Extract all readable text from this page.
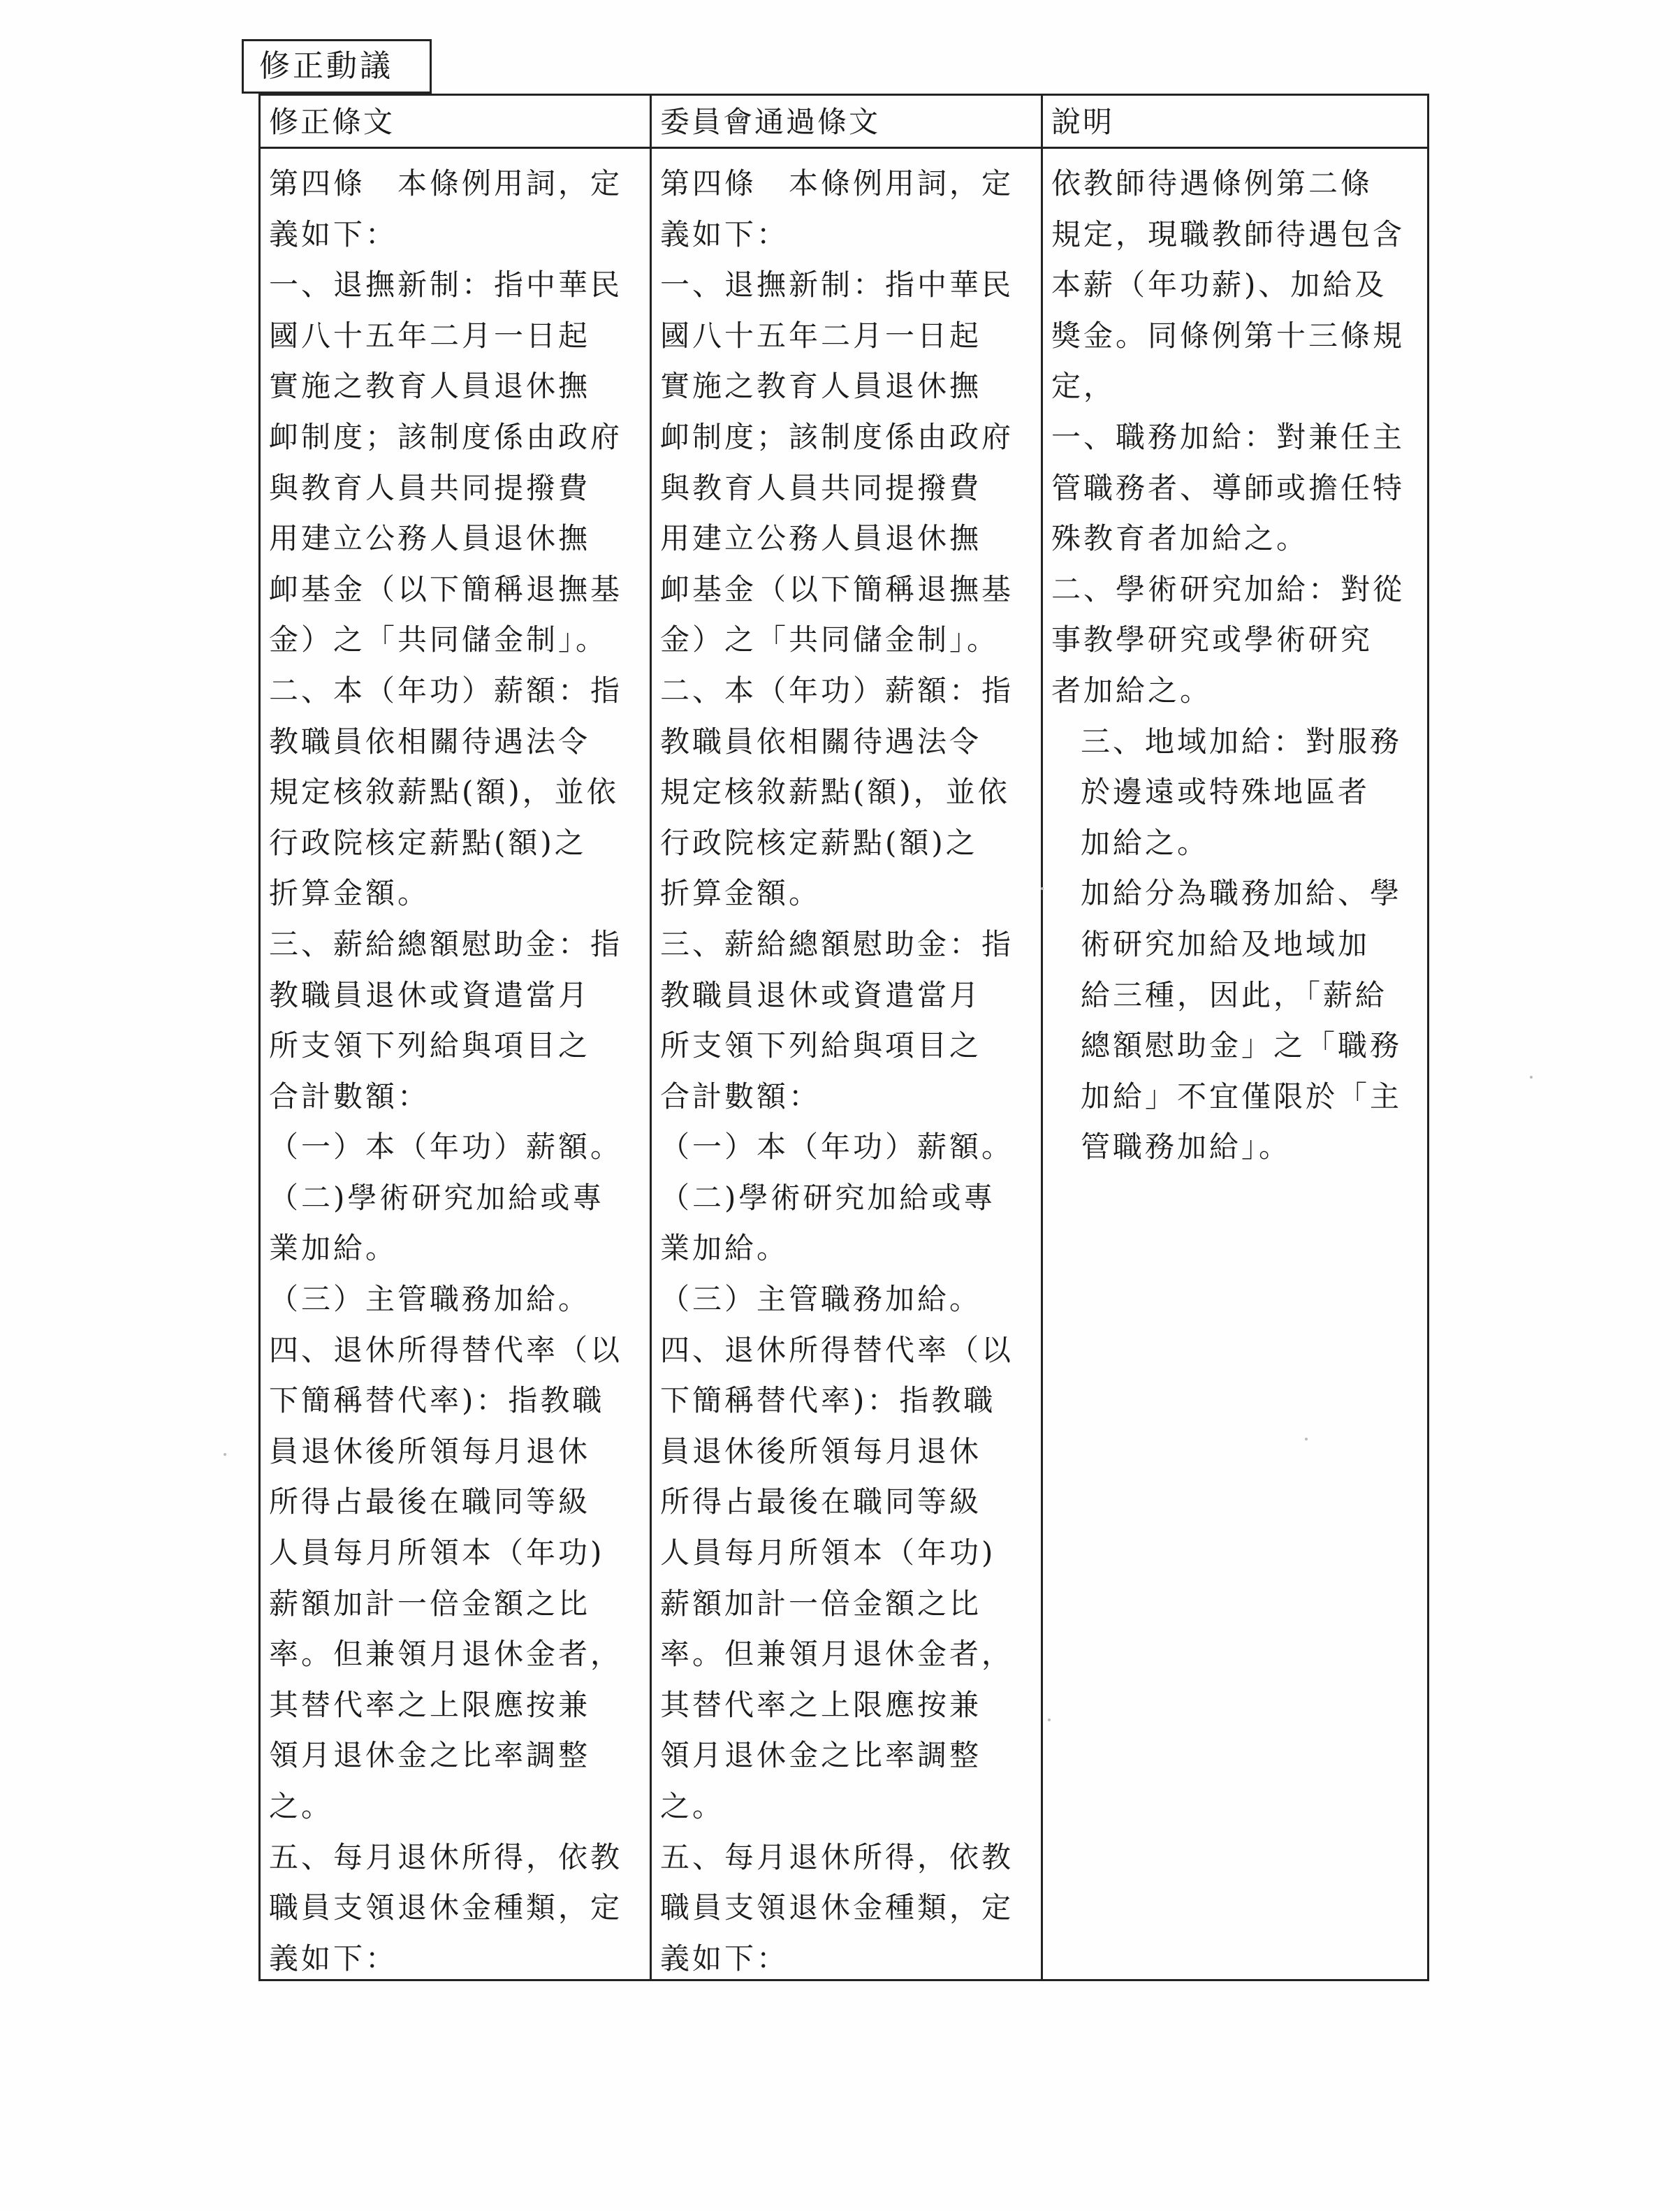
修正動議
修正條文
第四條　本條例用詞，定
義如下：
一、退撫新制：指中華民
國八十五年二月一日起
實施之教育人員退休撫
卹制度；該制度係由政府
與教育人員共同提撥費
用建立公務人員退休撫
卹基金（以下簡稱退撫基
金）之「共同儲金制」。
二、本（年功）薪額：指
教職員依相關待遇法令
規定核敘薪點(額)，並依
行政院核定薪點(額)之
折算金額。
三、薪給總額慰助金：指
教職員退休或資遣當月
所支領下列給與項目之
合計數額：
（一）本（年功）薪額。
（二)學術研究加給或專
業加給。
（三）主管職務加給。
四、退休所得替代率（以
下簡稱替代率)：指教職
員退休後所領每月退休
所得占最後在職同等級
人員每月所領本（年功)
薪額加計一倍金額之比
率。但兼領月退休金者，
其替代率之上限應按兼
領月退休金之比率調整
之。
五、每月退休所得，依教
職員支領退休金種類，定
義如下：
委員會通過條文
第四條　本條例用詞，定
義如下：
一、退撫新制：指中華民
國八十五年二月一日起
實施之教育人員退休撫
卹制度；該制度係由政府
與教育人員共同提撥費
用建立公務人員退休撫
卹基金（以下簡稱退撫基
金）之「共同儲金制」。
二、本（年功）薪額：指
教職員依相關待遇法令
規定核敘薪點(額)，並依
行政院核定薪點(額)之
折算金額。
三、薪給總額慰助金：指
教職員退休或資遣當月
所支領下列給與項目之
合計數額：
（一）本（年功）薪額。
（二)學術研究加給或專
業加給。
（三）主管職務加給。
四、退休所得替代率（以
下簡稱替代率)：指教職
員退休後所領每月退休
所得占最後在職同等級
人員每月所領本（年功)
薪額加計一倍金額之比
率。但兼領月退休金者，
其替代率之上限應按兼
領月退休金之比率調整
之。
五、每月退休所得，依教
職員支領退休金種類，定
義如下：
說明
依教師待遇條例第二條
規定，現職教師待遇包含
本薪（年功薪)、加給及
獎金。同條例第十三條規
定，
一、職務加給：對兼任主
管職務者、導師或擔任特
殊教育者加給之。
二、學術研究加給：對從
事教學研究或學術研究
者加給之。
三、地域加給：對服務
於邊遠或特殊地區者
加給之。
加給分為職務加給、學
術研究加給及地域加
給三種，因此，「薪給
總額慰助金」之「職務
加給」不宜僅限於「主
管職務加給」。
